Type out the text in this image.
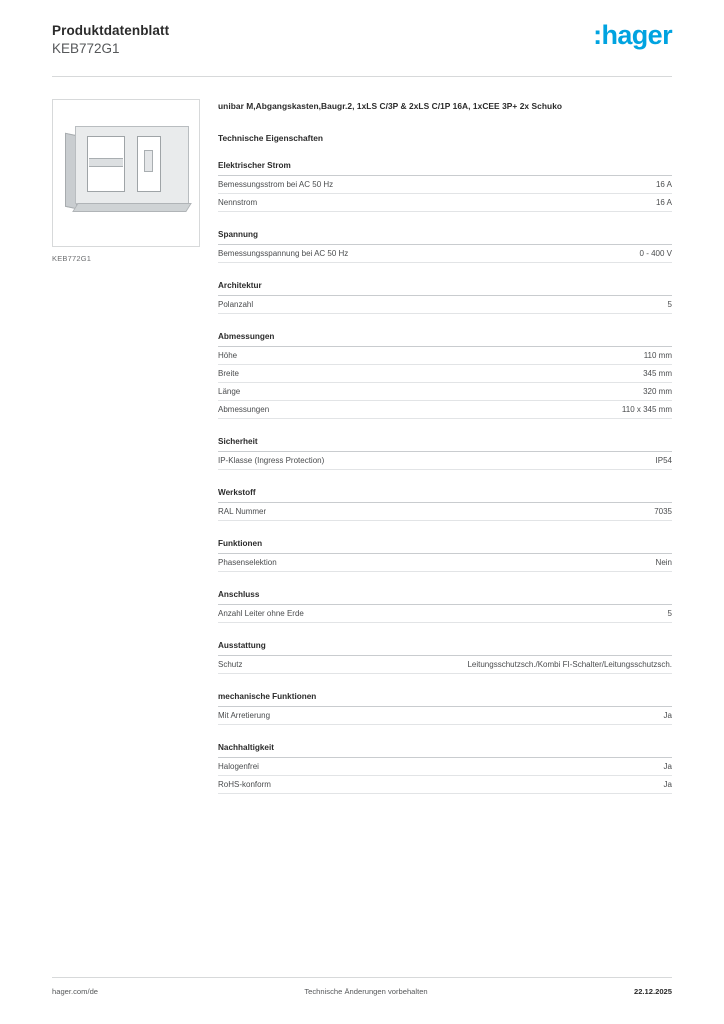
Produktdatenblatt
KEB772G1	:hager
KEB772G1
unibar M,Abgangskasten,Baugr.2, 1xLS C/3P & 2xLS C/1P 16A, 1xCEE 3P+ 2x Schuko
Technische Eigenschaften
Elektrischer Strom
Bemessungsstrom bei AC 50 Hz	16 A
Nennstrom	16 A
Spannung
Bemessungsspannung bei AC 50 Hz	0 - 400 V
Architektur
Polanzahl	5
Abmessungen
Höhe	110 mm
Breite	345 mm
Länge	320 mm
Abmessungen	110 x 345 mm
Sicherheit
IP-Klasse (Ingress Protection)	IP54
Werkstoff
RAL Nummer	7035
Funktionen
Phasenselektion	Nein
Anschluss
Anzahl Leiter ohne Erde	5
Ausstattung
Schutz	Leitungsschutzsch./Kombi FI-Schalter/Leitungsschutzsch.
mechanische Funktionen
Mit Arretierung	Ja
Nachhaltigkeit
Halogenfrei	Ja
RoHS-konform	Ja
hager.com/de	Technische Änderungen vorbehalten	22.12.2025
